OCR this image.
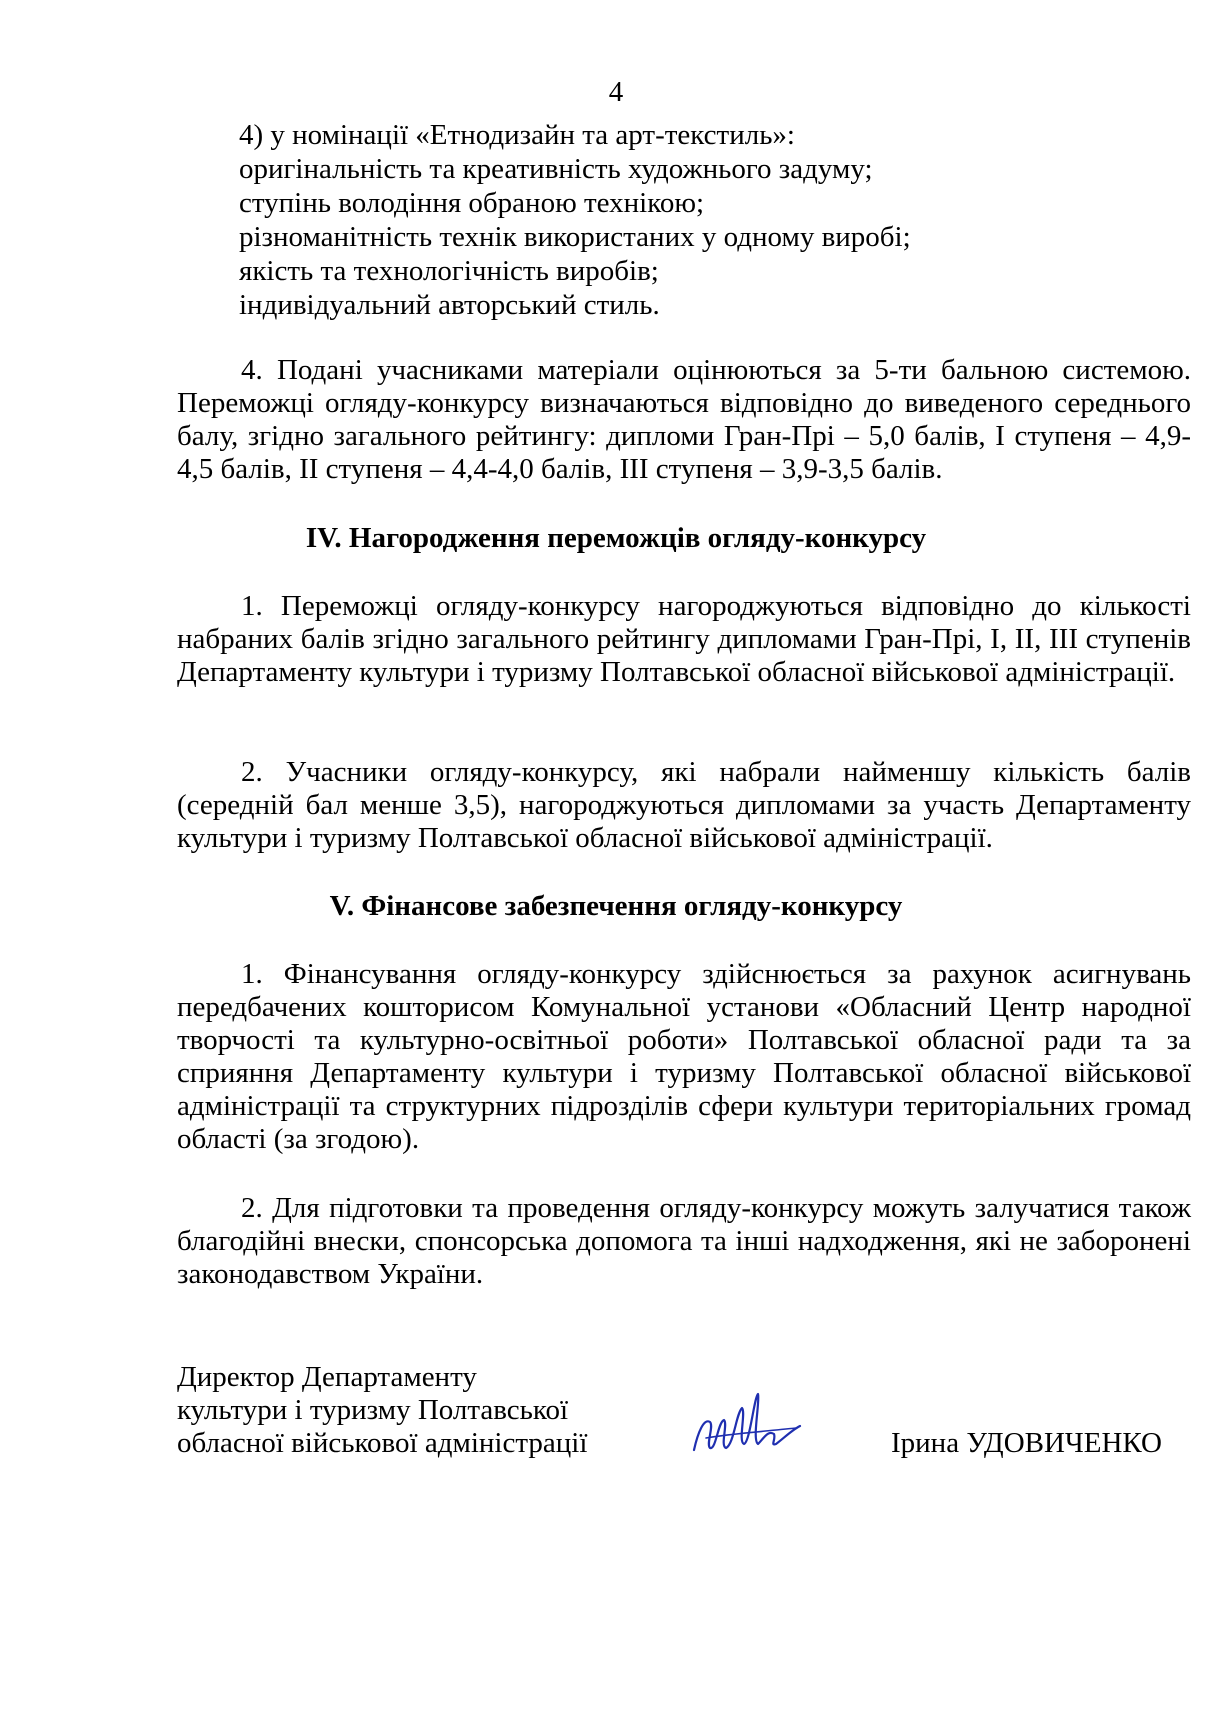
4
4) у номінації «Етнодизайн та арт-текстиль»:
оригінальність та креативність художнього задуму;
ступінь володіння обраною технікою;
різноманітність технік використаних у одному виробі;
якість та технологічність виробів;
індивідуальний авторський стиль.

4. Подані учасниками матеріали оцінюються за 5-ти бальною системою. Переможці огляду-конкурсу визначаються відповідно до виведеного середнього балу, згідно загального рейтингу: дипломи Гран-Прі – 5,0 балів, І ступеня – 4,9-4,5 балів, ІІ ступеня – 4,4-4,0 балів, ІІІ ступеня – 3,9-3,5 балів.

IV. Нагородження переможців огляду-конкурсу

1. Переможці огляду-конкурсу нагороджуються відповідно до кількості набраних балів згідно загального рейтингу дипломами Гран-Прі, І, ІІ, ІІІ ступенів Департаменту культури і туризму Полтавської обласної військової адміністрації.

2. Учасники огляду-конкурсу, які набрали найменшу кількість балів (середній бал менше 3,5), нагороджуються дипломами за участь Департаменту культури і туризму Полтавської обласної військової адміністрації.

V. Фінансове забезпечення огляду-конкурсу

1. Фінансування огляду-конкурсу здійснюється за рахунок асигнувань передбачених кошторисом Комунальної установи «Обласний Центр народної творчості та культурно-освітньої роботи» Полтавської обласної ради та за сприяння Департаменту культури і туризму Полтавської обласної військової адміністрації та структурних підрозділів сфери культури територіальних громад області (за згодою).

2. Для підготовки та проведення огляду-конкурсу можуть залучатися також благодійні внески, спонсорська допомога та інші надходження, які не заборонені законодавством України.

Директор Департаменту
культури і туризму Полтавської
обласної військової адміністрації	Ірина УДОВИЧЕНКО
